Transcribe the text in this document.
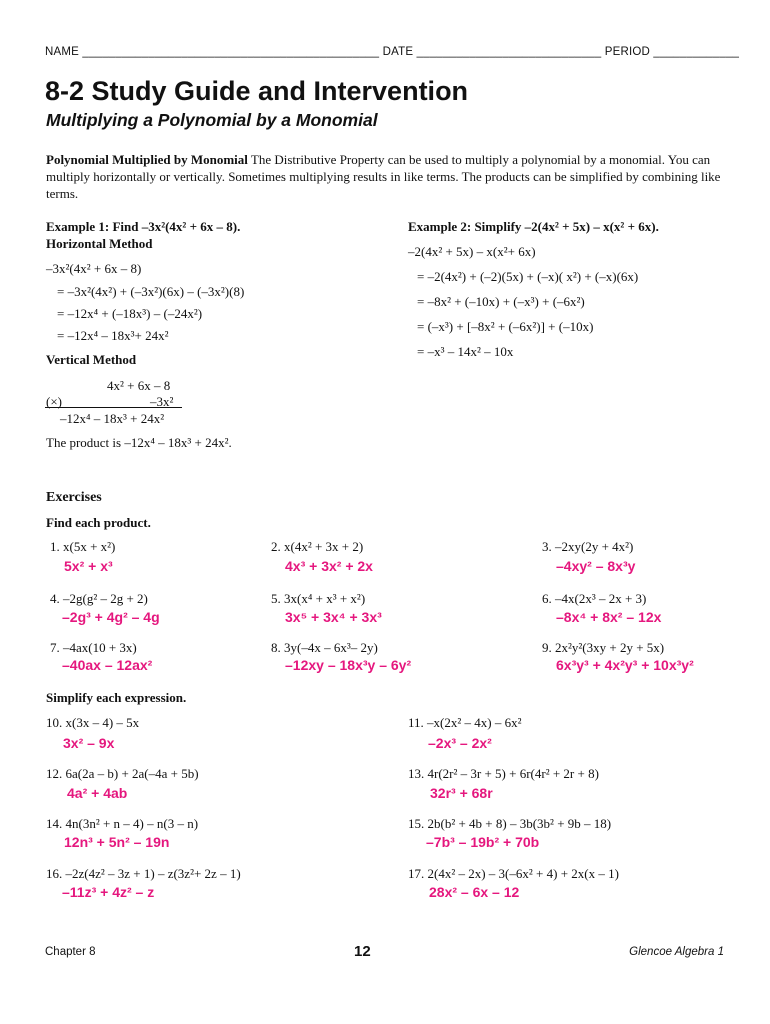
NAME _____________________________________________ DATE ____________________________ PERIOD _____________
8-2 Study Guide and Intervention
Multiplying a Polynomial by a Monomial
Polynomial Multiplied by Monomial The Distributive Property can be used to multiply a polynomial by a monomial. You can multiply horizontally or vertically. Sometimes multiplying results in like terms. The products can be simplified by combining like terms.
Example 1: Find –3x²(4x² + 6x – 8).
Horizontal Method
–3x²(4x² + 6x – 8)
= –3x²(4x²) + (–3x²)(6x) – (–3x²)(8)
= –12x⁴ + (–18x³) – (–24x²)
= –12x⁴ – 18x³+ 24x²
Vertical Method
4x² + 6x – 8
(×)	–3x²
–12x⁴ – 18x³ + 24x²
The product is –12x⁴ – 18x³ + 24x².
Example 2: Simplify –2(4x² + 5x) – x(x² + 6x).
–2(4x² + 5x) – x(x²+ 6x)
= –2(4x²) + (–2)(5x) + (–x)( x²) + (–x)(6x)
= –8x² + (–10x) + (–x³) + (–6x²)
= (–x³) + [–8x² + (–6x²)] + (–10x)
= –x³ – 14x² – 10x
Exercises
Find each product.
1. x(5x + x²)
5x² + x³
2. x(4x² + 3x + 2)
4x³ + 3x² + 2x
3. –2xy(2y + 4x²)
–4xy² – 8x³y
4. –2g(g² – 2g + 2)
–2g³ + 4g² – 4g
5. 3x(x⁴ + x³ + x²)
3x⁵ + 3x⁴ + 3x³
6. –4x(2x³ – 2x + 3)
–8x⁴ + 8x² – 12x
7. –4ax(10 + 3x)
–40ax – 12ax²
8. 3y(–4x – 6x³– 2y)
–12xy – 18x³y – 6y²
9. 2x²y²(3xy + 2y + 5x)
6x³y³ + 4x²y³ + 10x³y²
Simplify each expression.
10. x(3x – 4) – 5x
3x² – 9x
11. –x(2x² – 4x) – 6x²
–2x³ – 2x²
12. 6a(2a – b) + 2a(–4a + 5b)
4a² + 4ab
13. 4r(2r² – 3r + 5) + 6r(4r² + 2r + 8)
32r³ + 68r
14. 4n(3n² + n – 4) – n(3 – n)
12n³ + 5n² – 19n
15. 2b(b² + 4b + 8) – 3b(3b² + 9b – 18)
–7b³ – 19b² + 70b
16. –2z(4z² – 3z + 1) – z(3z²+ 2z – 1)
–11z³ + 4z² – z
17. 2(4x² – 2x) – 3(–6x² + 4) + 2x(x – 1)
28x² – 6x – 12
Chapter 8	12	Glencoe Algebra 1
